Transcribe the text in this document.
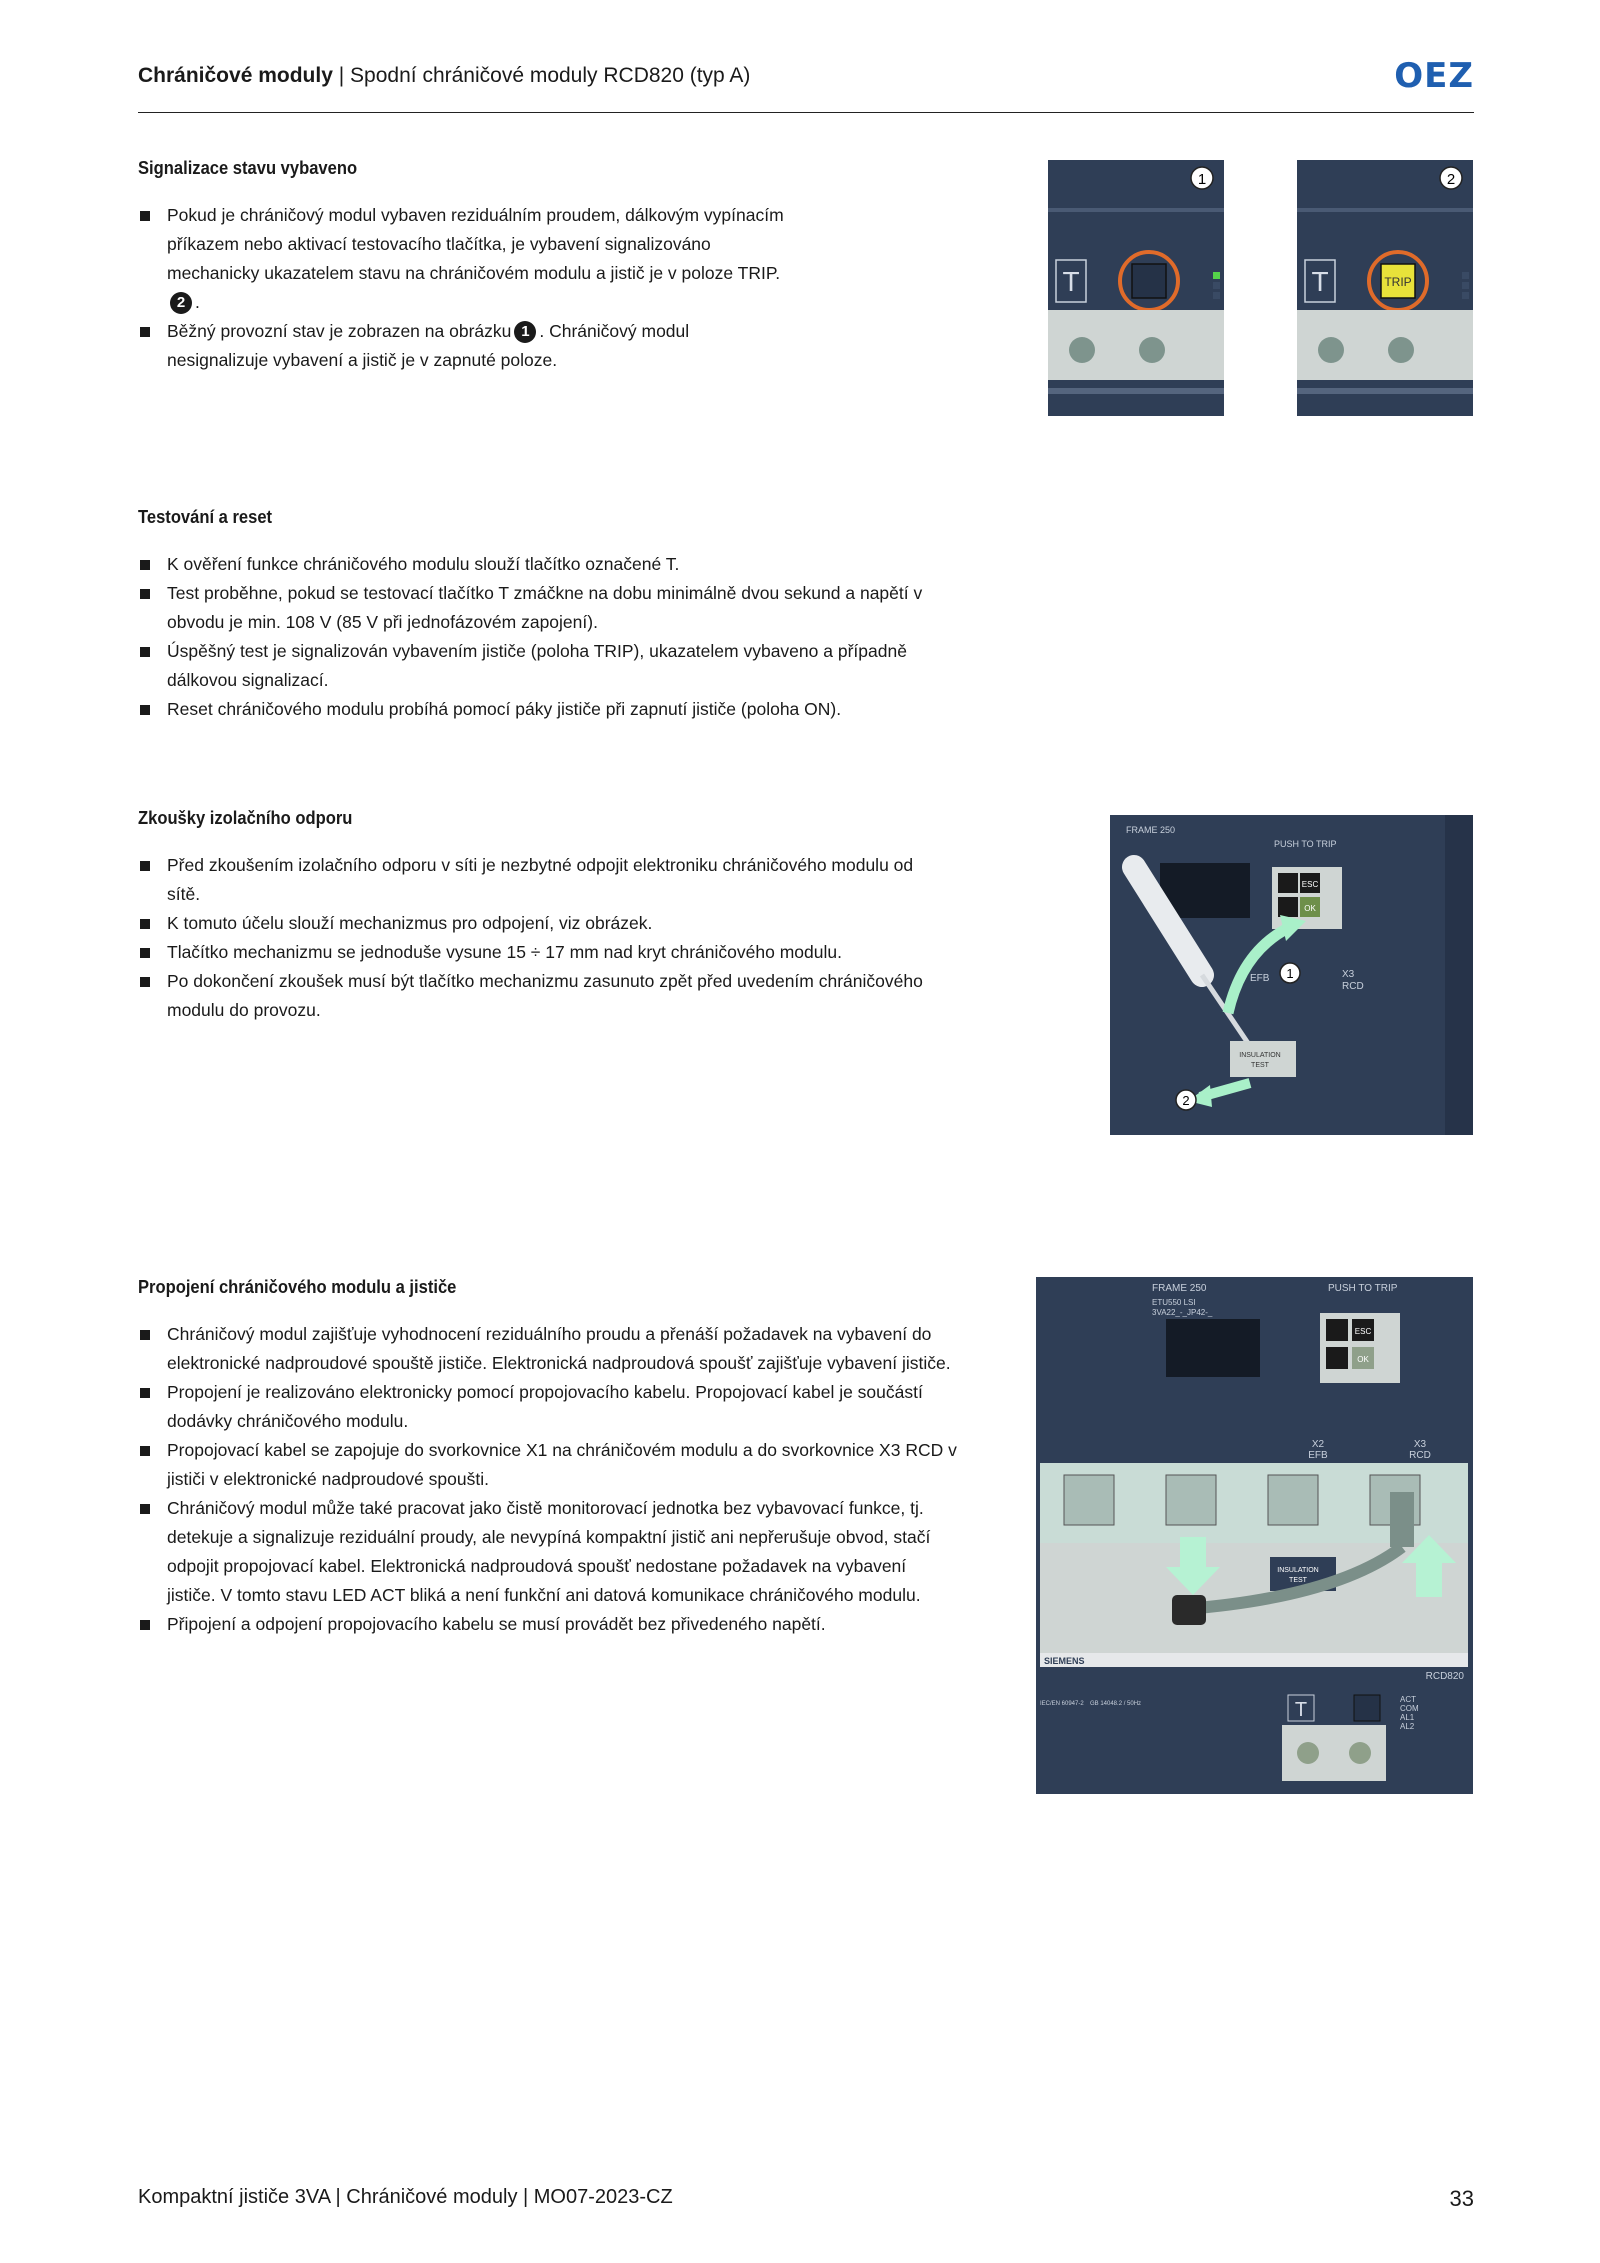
Chráničové moduly | Spodní chráničové moduly RCD820 (typ A)	OEZ
Signalizace stavu vybaveno
Pokud je chráničový modul vybaven reziduálním proudem, dálkovým vypínacím příkazem nebo aktivací testovacího tlačítka, je vybavení signalizováno mechanicky ukazatelem stavu na chráničovém modulu a jistič je v poloze TRIP.2 .
Běžný provozní stav je zobrazen na obrázku 1 . Chráničový modul nesignalizuje vybavení a jistič je v zapnuté poloze.
Testování a reset
K ověření funkce chráničového modulu slouží tlačítko označené T.
Test proběhne, pokud se testovací tlačítko T zmáčkne na dobu minimálně dvou sekund a napětí v obvodu je min. 108 V (85 V při jednofázovém zapojení).
Úspěšný test je signalizován vybavením jističe (poloha TRIP), ukazatelem vybaveno a případně dálkovou signalizací.
Reset chráničového modulu probíhá pomocí páky jističe při zapnutí jističe (poloha ON).
Zkoušky izolačního odporu
Před zkoušením izolačního odporu v síti je nezbytné odpojit elektroniku chráničového modulu od sítě.
K tomuto účelu slouží mechanizmus pro odpojení, viz obrázek.
Tlačítko mechanizmu se jednoduše vysune 15 ÷ 17 mm nad kryt chráničového modulu.
Po dokončení zkoušek musí být tlačítko mechanizmu zasunuto zpět před uvedením chráničového modulu do provozu.
Propojení chráničového modulu a jističe
Chráničový modul zajišťuje vyhodnocení reziduálního proudu a přenáší požadavek na vybavení do elektronické nadproudové spouště jističe. Elektronická nadproudová spoušť zajišťuje vybavení jističe.
Propojení je realizováno elektronicky pomocí propojovacího kabelu. Propojovací kabel je součástí dodávky chráničového modulu.
Propojovací kabel se zapojuje do svorkovnice X1 na chráničovém modulu a do svorkovnice X3 RCD v jističi v elektronické nadproudové spoušti.
Chráničový modul může také pracovat jako čistě monitorovací jednotka bez vybavovací funkce, tj. detekuje a signalizuje reziduální proudy, ale nevypíná kompaktní jistič ani nepřerušuje obvod, stačí odpojit propojovací kabel. Elektronická nadproudová spoušť nedostane požadavek na vybavení jističe. V tomto stavu LED ACT bliká a není funkční ani datová komunikace chráničového modulu.
Připojení a odpojení propojovacího kabelu se musí provádět bez přivedeného napětí.
1
T
2
T	TRIP
FRAME 250
PUSH TO TRIP
ESC
OK
X3
RCD
EFB
INSULATION
TEST
1
2
FRAME 250	PUSH TO TRIP
ETU550 LSI
3VA22_-_JP42-_
ESC
OK
X2
EFB
X3
RCD
INSULATION
TEST
SIEMENS
RCD820
IEC/EN 60947-2 GB 14048.2 / 50Hz	T	ACT
COM
AL1
AL2
Kompaktní jističe 3VA | Chráničové moduly | MO07-2023-CZ	33
